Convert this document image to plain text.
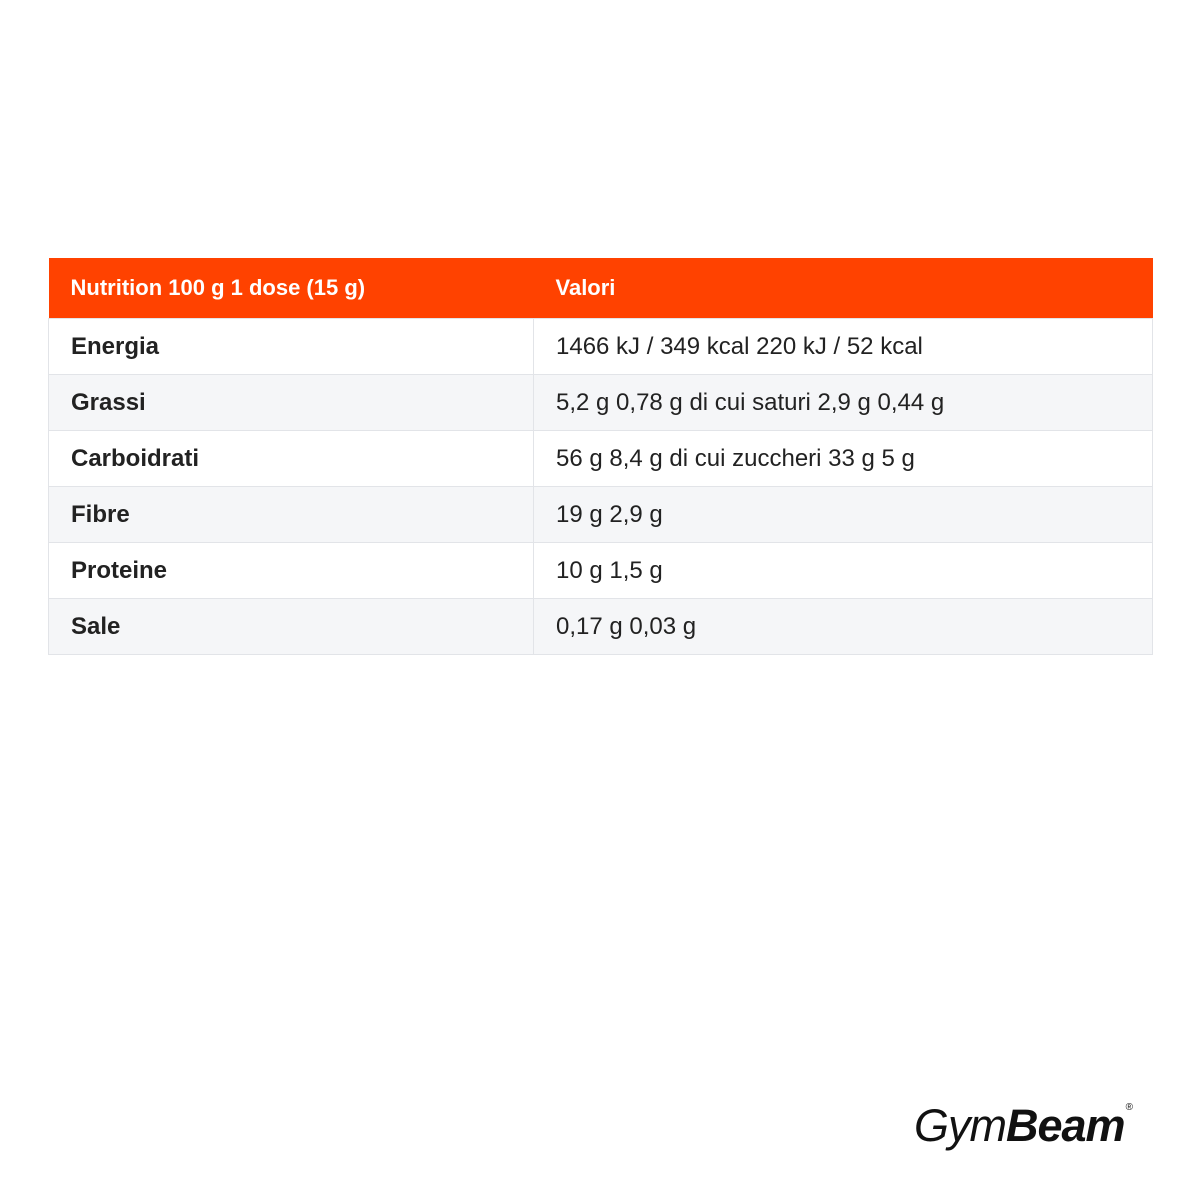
Nutrition 100 g 1 dose (15 g)	Valori
Energia	1466 kJ / 349 kcal 220 kJ / 52 kcal
Grassi	5,2 g 0,78 g di cui saturi 2,9 g 0,44 g
Carboidrati	56 g 8,4 g di cui zuccheri 33 g 5 g
Fibre	19 g 2,9 g
Proteine	10 g 1,5 g
Sale	0,17 g 0,03 g
GymBeam ®
